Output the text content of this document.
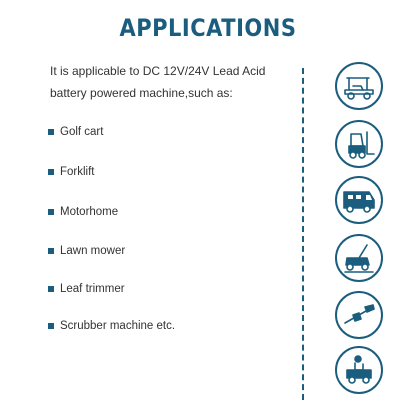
APPLICATIONS
It is applicable to DC 12V/24V Lead Acid battery powered machine,such as:
Golf cart
Forklift
Motorhome
Lawn mower
Leaf trimmer
Scrubber machine etc.
